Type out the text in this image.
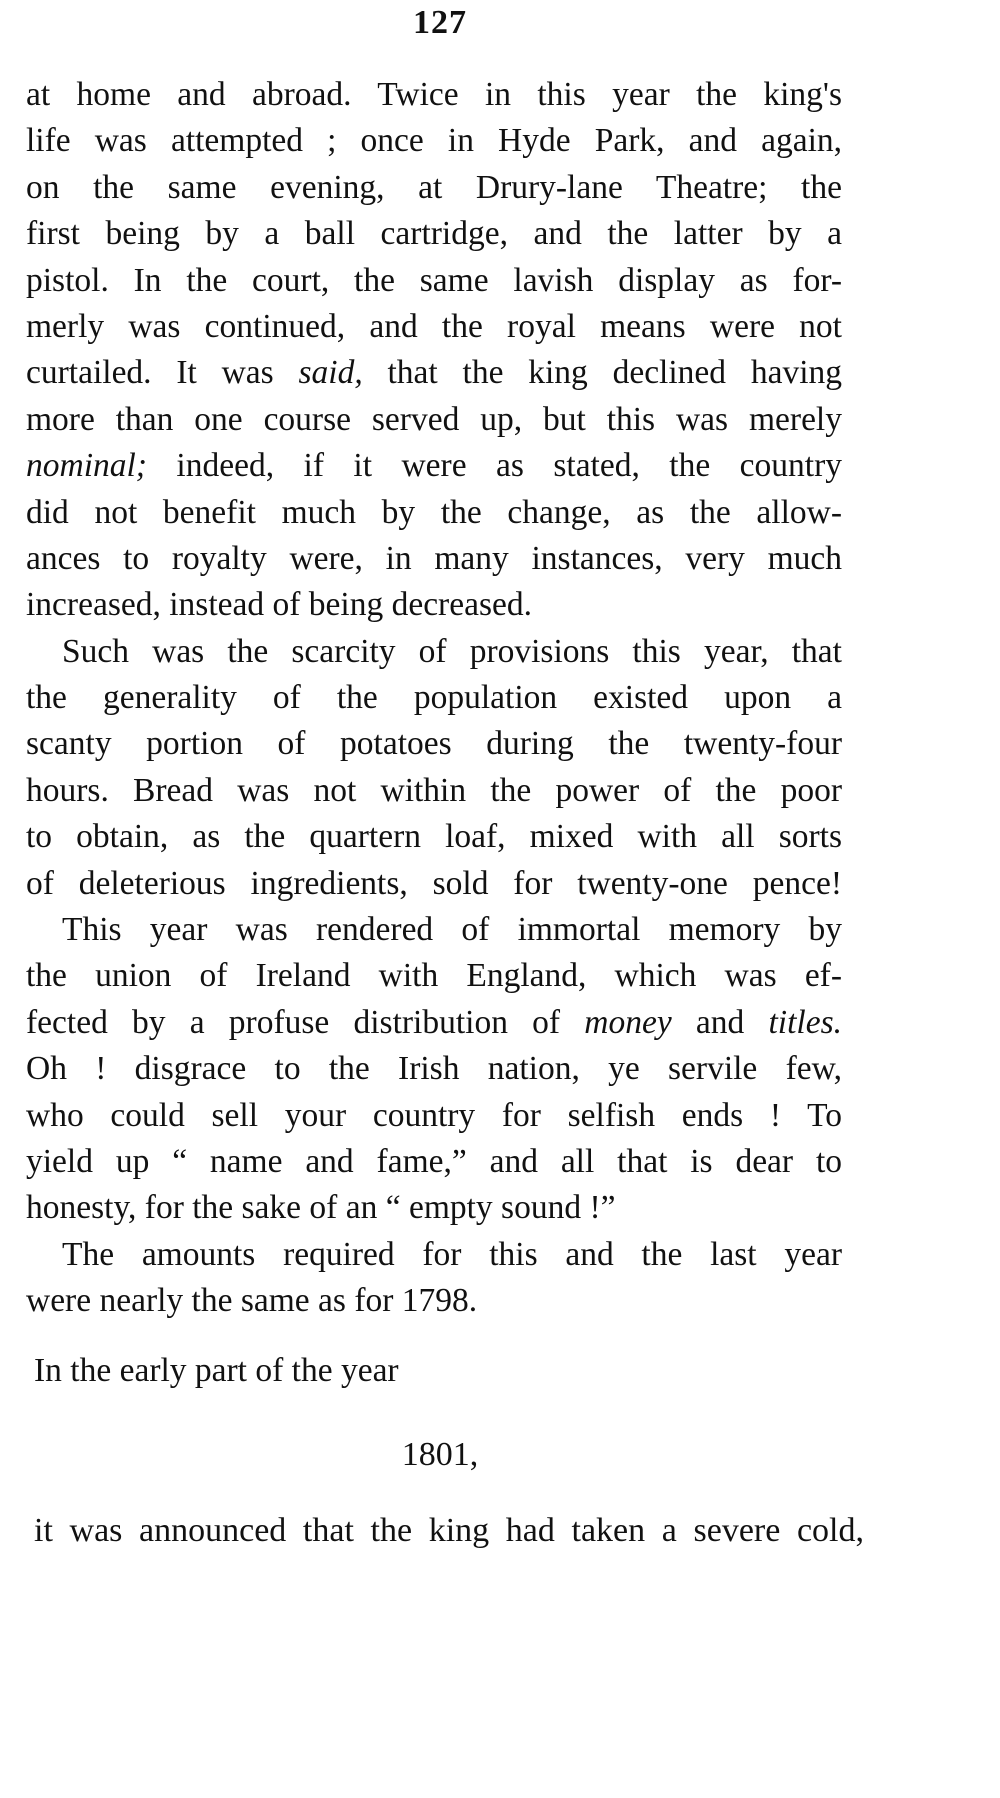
127
at home and abroad. Twice in this year the king's
life was attempted ; once in Hyde Park, and again,
on the same evening, at Drury-lane Theatre; the
first being by a ball cartridge, and the latter by a
pistol. In the court, the same lavish display as for-
merly was continued, and the royal means were not
curtailed. It was said, that the king declined having
more than one course served up, but this was merely
nominal; indeed, if it were as stated, the country
did not benefit much by the change, as the allow-
ances to royalty were, in many instances, very much
increased, instead of being decreased.
Such was the scarcity of provisions this year, that
the generality of the population existed upon a
scanty portion of potatoes during the twenty-four
hours. Bread was not within the power of the poor
to obtain, as the quartern loaf, mixed with all sorts
of deleterious ingredients, sold for twenty-one pence!
This year was rendered of immortal memory by
the union of Ireland with England, which was ef-
fected by a profuse distribution of money and titles.
Oh ! disgrace to the Irish nation, ye servile few,
who could sell your country for selfish ends ! To
yield up “ name and fame,” and all that is dear to
honesty, for the sake of an “ empty sound !”
The amounts required for this and the last year
were nearly the same as for 1798.
In the early part of the year
1801,
it was announced that the king had taken a severe cold,
